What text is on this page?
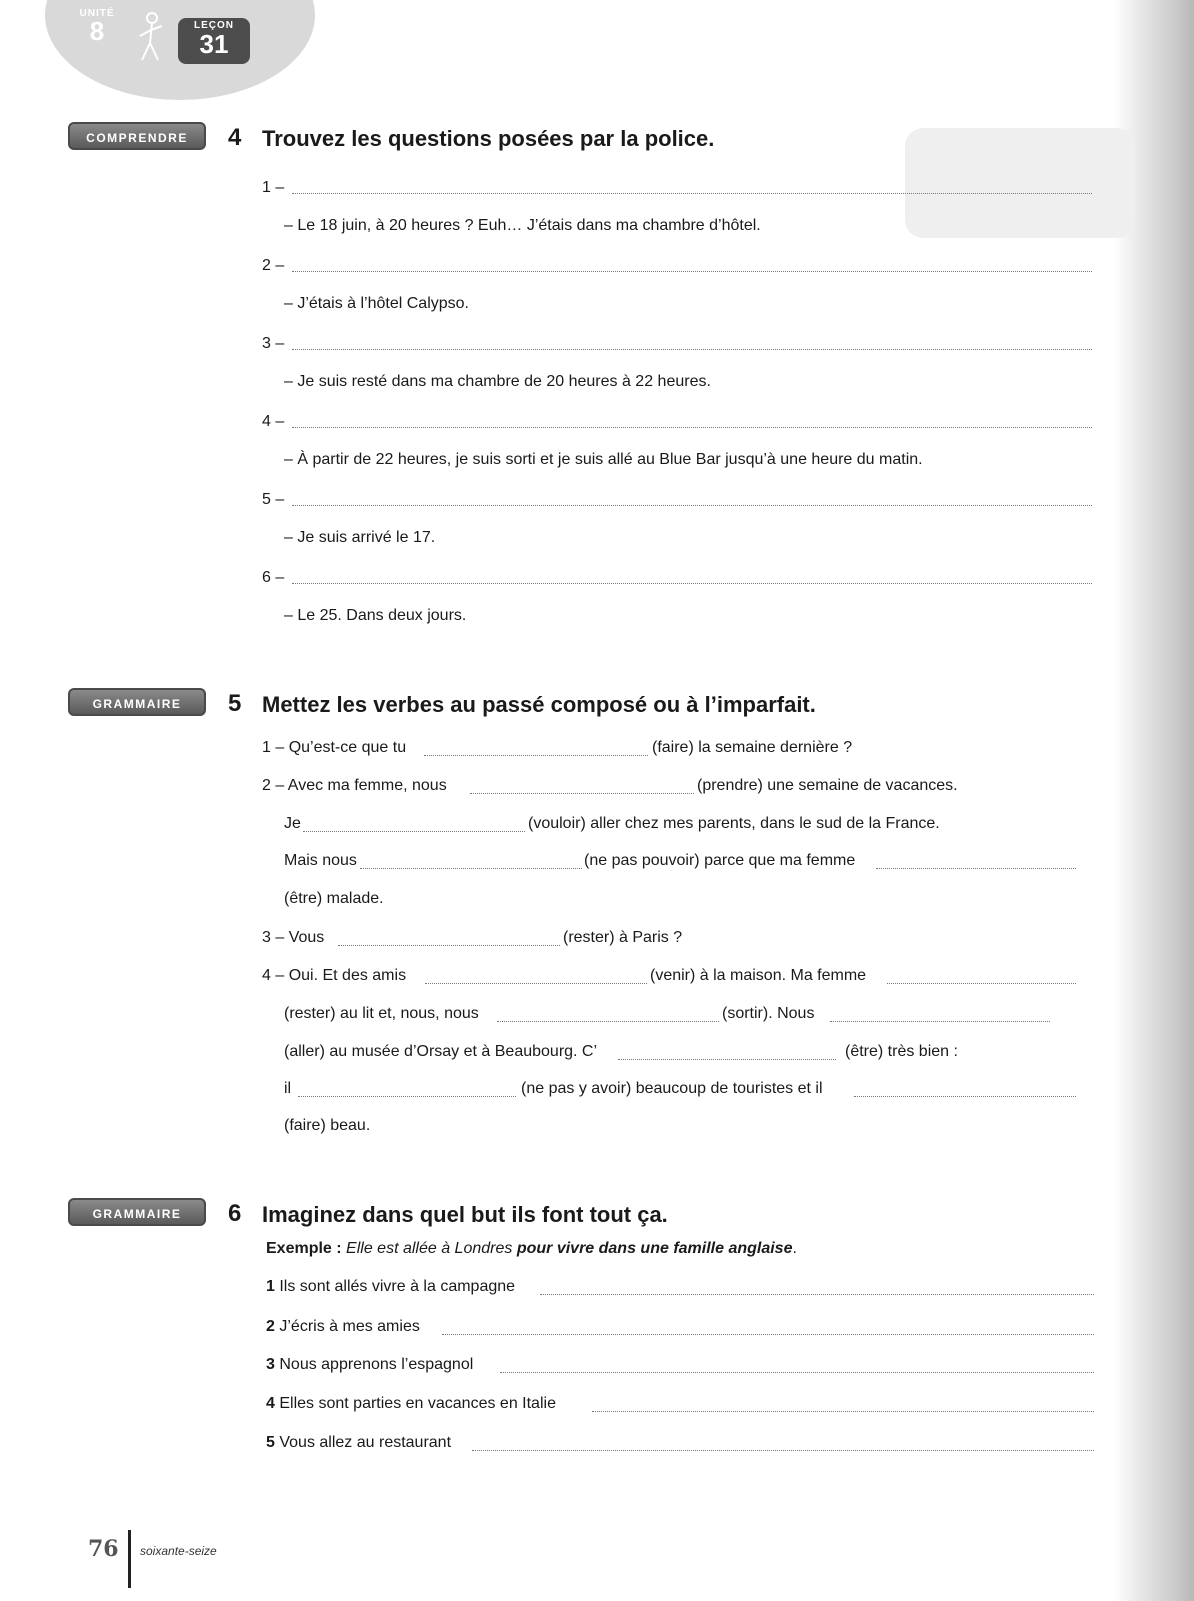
UNITÉ
8	LEÇON
31
COMPRENDRE	4 Trouvez les questions posées par la police.
1 –
– Le 18 juin, à 20 heures ? Euh… J’étais dans ma chambre d’hôtel.
2 –
– J’étais à l’hôtel Calypso.
3 –
– Je suis resté dans ma chambre de 20 heures à 22 heures.
4 –
– À partir de 22 heures, je suis sorti et je suis allé au Blue Bar jusqu’à une heure du matin.
5 –
– Je suis arrivé le 17.
6 –
– Le 25. Dans deux jours.
GRAMMAIRE	5 Mettez les verbes au passé composé ou à l’imparfait.
1 – Qu’est-ce que tu	(faire) la semaine dernière ?
2 – Avec ma femme, nous	(prendre) une semaine de vacances.
Je	(vouloir) aller chez mes parents, dans le sud de la France.
Mais nous	(ne pas pouvoir) parce que ma femme
(être) malade.
3 – Vous	(rester) à Paris ?
4 – Oui. Et des amis	(venir) à la maison. Ma femme
(rester) au lit et, nous, nous	(sortir). Nous
(aller) au musée d’Orsay et à Beaubourg. C’	(être) très bien :
il	(ne pas y avoir) beaucoup de touristes et il
(faire) beau.
GRAMMAIRE	6 Imaginez dans quel but ils font tout ça.
Exemple : Elle est allée à Londres pour vivre dans une famille anglaise.
1 Ils sont allés vivre à la campagne
2 J’écris à mes amies
3 Nous apprenons l’espagnol
4 Elles sont parties en vacances en Italie
5 Vous allez au restaurant
76 soixante-seize
